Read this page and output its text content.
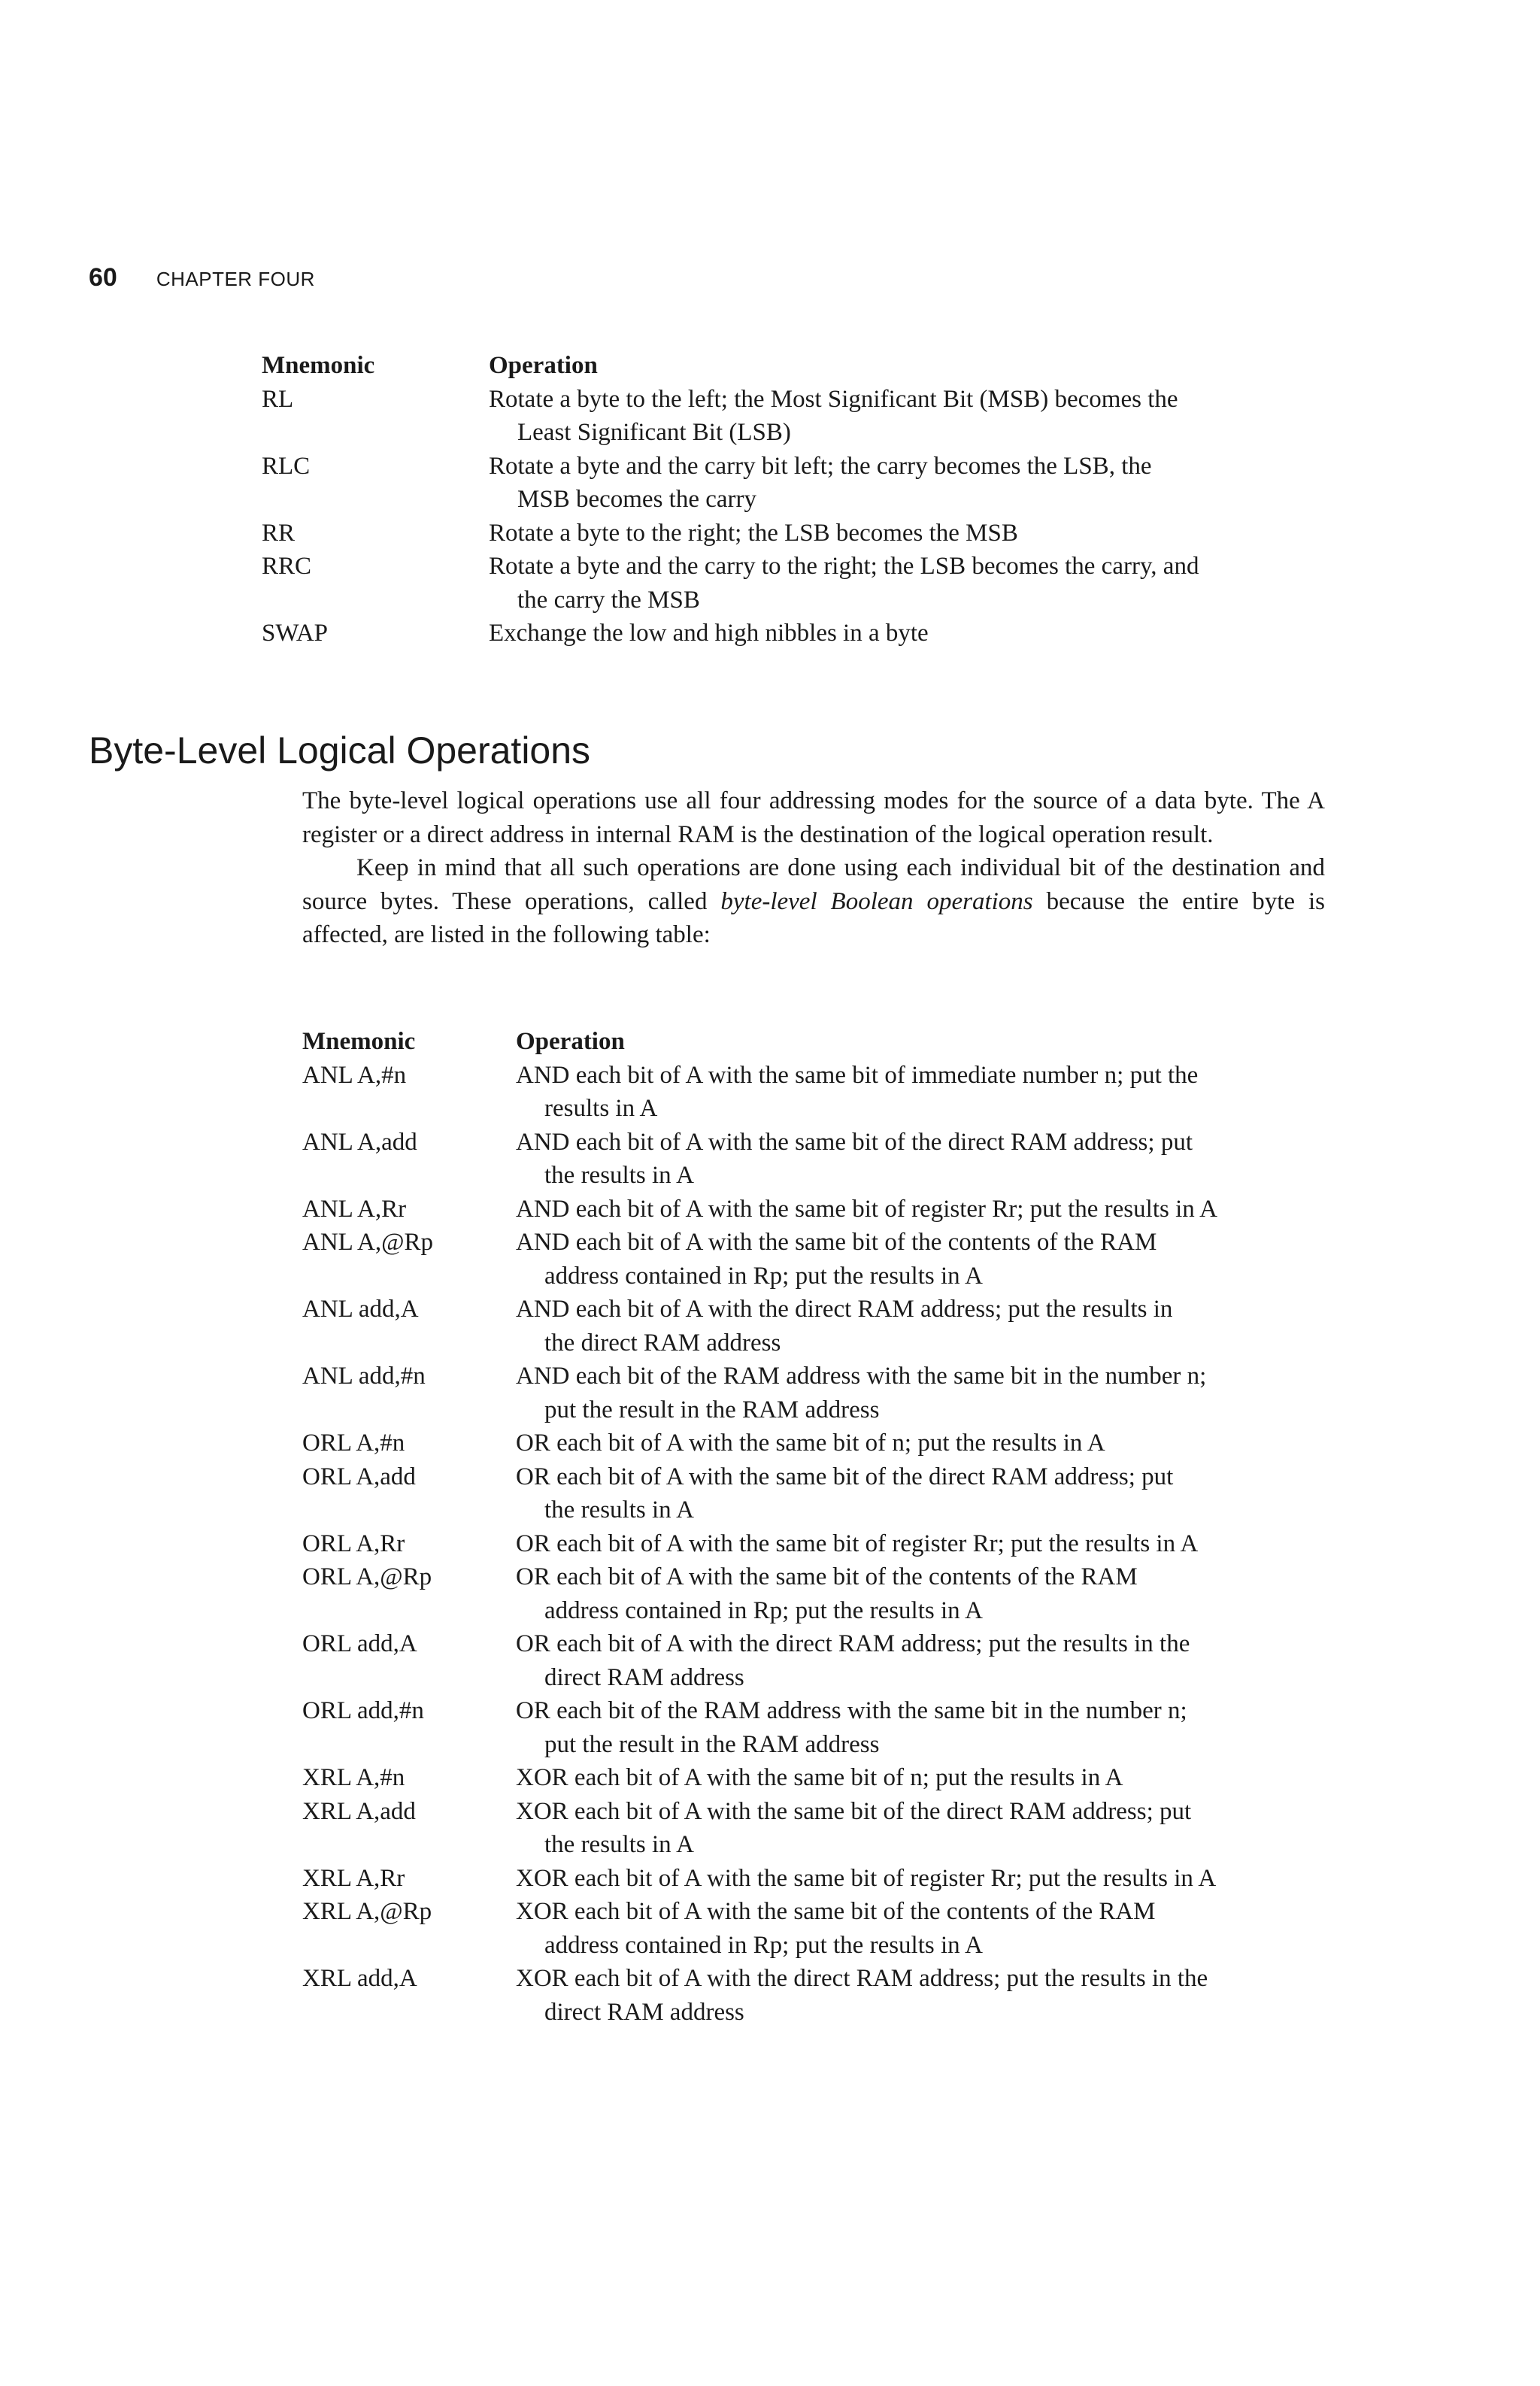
60 CHAPTER FOUR
Mnemonic	Operation
RL	Rotate a byte to the left; the Most Significant Bit (MSB) becomes the
Least Significant Bit (LSB)
RLC	Rotate a byte and the carry bit left; the carry becomes the LSB, the
MSB becomes the carry
RR	Rotate a byte to the right; the LSB becomes the MSB
RRC	Rotate a byte and the carry to the right; the LSB becomes the carry, and
the carry the MSB
SWAP	Exchange the low and high nibbles in a byte
Byte-Level Logical Operations

The byte-level logical operations use all four addressing modes for the source of a data byte. The A register or a direct address in internal RAM is the destination of the logical operation result.

Keep in mind that all such operations are done using each individual bit of the destination and source bytes. These operations, called byte-level Boolean operations because the entire byte is affected, are listed in the following table:

Mnemonic	Operation
ANL A,#n	AND each bit of A with the same bit of immediate number n; put the
results in A
ANL A,add	AND each bit of A with the same bit of the direct RAM address; put
the results in A
ANL A,Rr	AND each bit of A with the same bit of register Rr; put the results in A
ANL A,@Rp	AND each bit of A with the same bit of the contents of the RAM
address contained in Rp; put the results in A
ANL add,A	AND each bit of A with the direct RAM address; put the results in
the direct RAM address
ANL add,#n	AND each bit of the RAM address with the same bit in the number n;
put the result in the RAM address
ORL A,#n	OR each bit of A with the same bit of n; put the results in A
ORL A,add	OR each bit of A with the same bit of the direct RAM address; put
the results in A
ORL A,Rr	OR each bit of A with the same bit of register Rr; put the results in A
ORL A,@Rp	OR each bit of A with the same bit of the contents of the RAM
address contained in Rp; put the results in A
ORL add,A	OR each bit of A with the direct RAM address; put the results in the
direct RAM address
ORL add,#n	OR each bit of the RAM address with the same bit in the number n;
put the result in the RAM address
XRL A,#n	XOR each bit of A with the same bit of n; put the results in A
XRL A,add	XOR each bit of A with the same bit of the direct RAM address; put
the results in A
XRL A,Rr	XOR each bit of A with the same bit of register Rr; put the results in A
XRL A,@Rp	XOR each bit of A with the same bit of the contents of the RAM
address contained in Rp; put the results in A
XRL add,A	XOR each bit of A with the direct RAM address; put the results in the
direct RAM address
